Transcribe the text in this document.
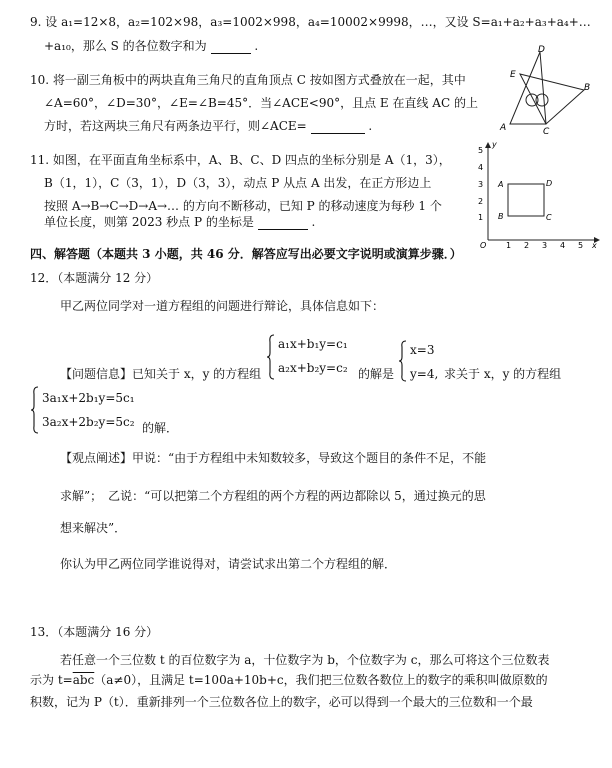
9. 设 a₁=12×8，a₂=102×98，a₃=1002×998，a₄=10002×9998，…，又设 S=a₁+a₂+a₃+a₄+…
+a₁₀，那么 S 的各位数字和为	.
10. 将一副三角板中的两块直角三角尺的直角顶点 C 按如图方式叠放在一起，其中
∠A=60°，∠D=30°，∠E=∠B=45°．当∠ACE<90°，且点 E 在直线 AC 的上
方时，若这两块三角尺有两条边平行，则∠ACE=	.
D
E
B
A	C
11. 如图，在平面直角坐标系中，A、B、C、D 四点的坐标分别是 A（1，3），
B（1，1），C（3，1），D（3，3），动点 P 从点 A 出发，在正方形边上
按照 A→B→C→D→A→… 的方向不断移动，已知 P 的移动速度为每秒 1 个
单位长度，则第 2023 秒点 P 的坐标是	.
5
4
3
2
1
1 2 3 4 5
O	x
y
A
B	C
D
四、解答题（本题共 3 小题，共 46 分．解答应写出必要文字说明或演算步骤．）
12．（本题满分 12 分）
甲乙两位同学对一道方程组的问题进行辩论，具体信息如下：
【问题信息】已知关于 x，y 的方程组
a₁x+b₁y=c₁
a₂x+b₂y=c₂ 的解是
x=3
y=4, 求关于 x，y 的方程组
3a₁x+2b₁y=5c₁
3a₂x+2b₂y=5c₂ 的解．
【观点阐述】甲说：“由于方程组中未知数较多，导致这个题目的条件不足，不能
求解”；　乙说：“可以把第二个方程组的两个方程的两边都除以 5，通过换元的思
想来解决”．
你认为甲乙两位同学谁说得对，请尝试求出第二个方程组的解．
13．（本题满分 16 分）
若任意一个三位数 t 的百位数字为 a，十位数字为 b，个位数字为 c，那么可将这个三位数表
示为 $t=\overline{abc}(a\ne 0)$，且满足 t=100a+10b+c，我们把三位数各数位上的数字的乘积叫做原数的
积数，记为 P（t）．重新排列一个三位数各位上的数字，必可以得到一个最大的三位数和一个最
